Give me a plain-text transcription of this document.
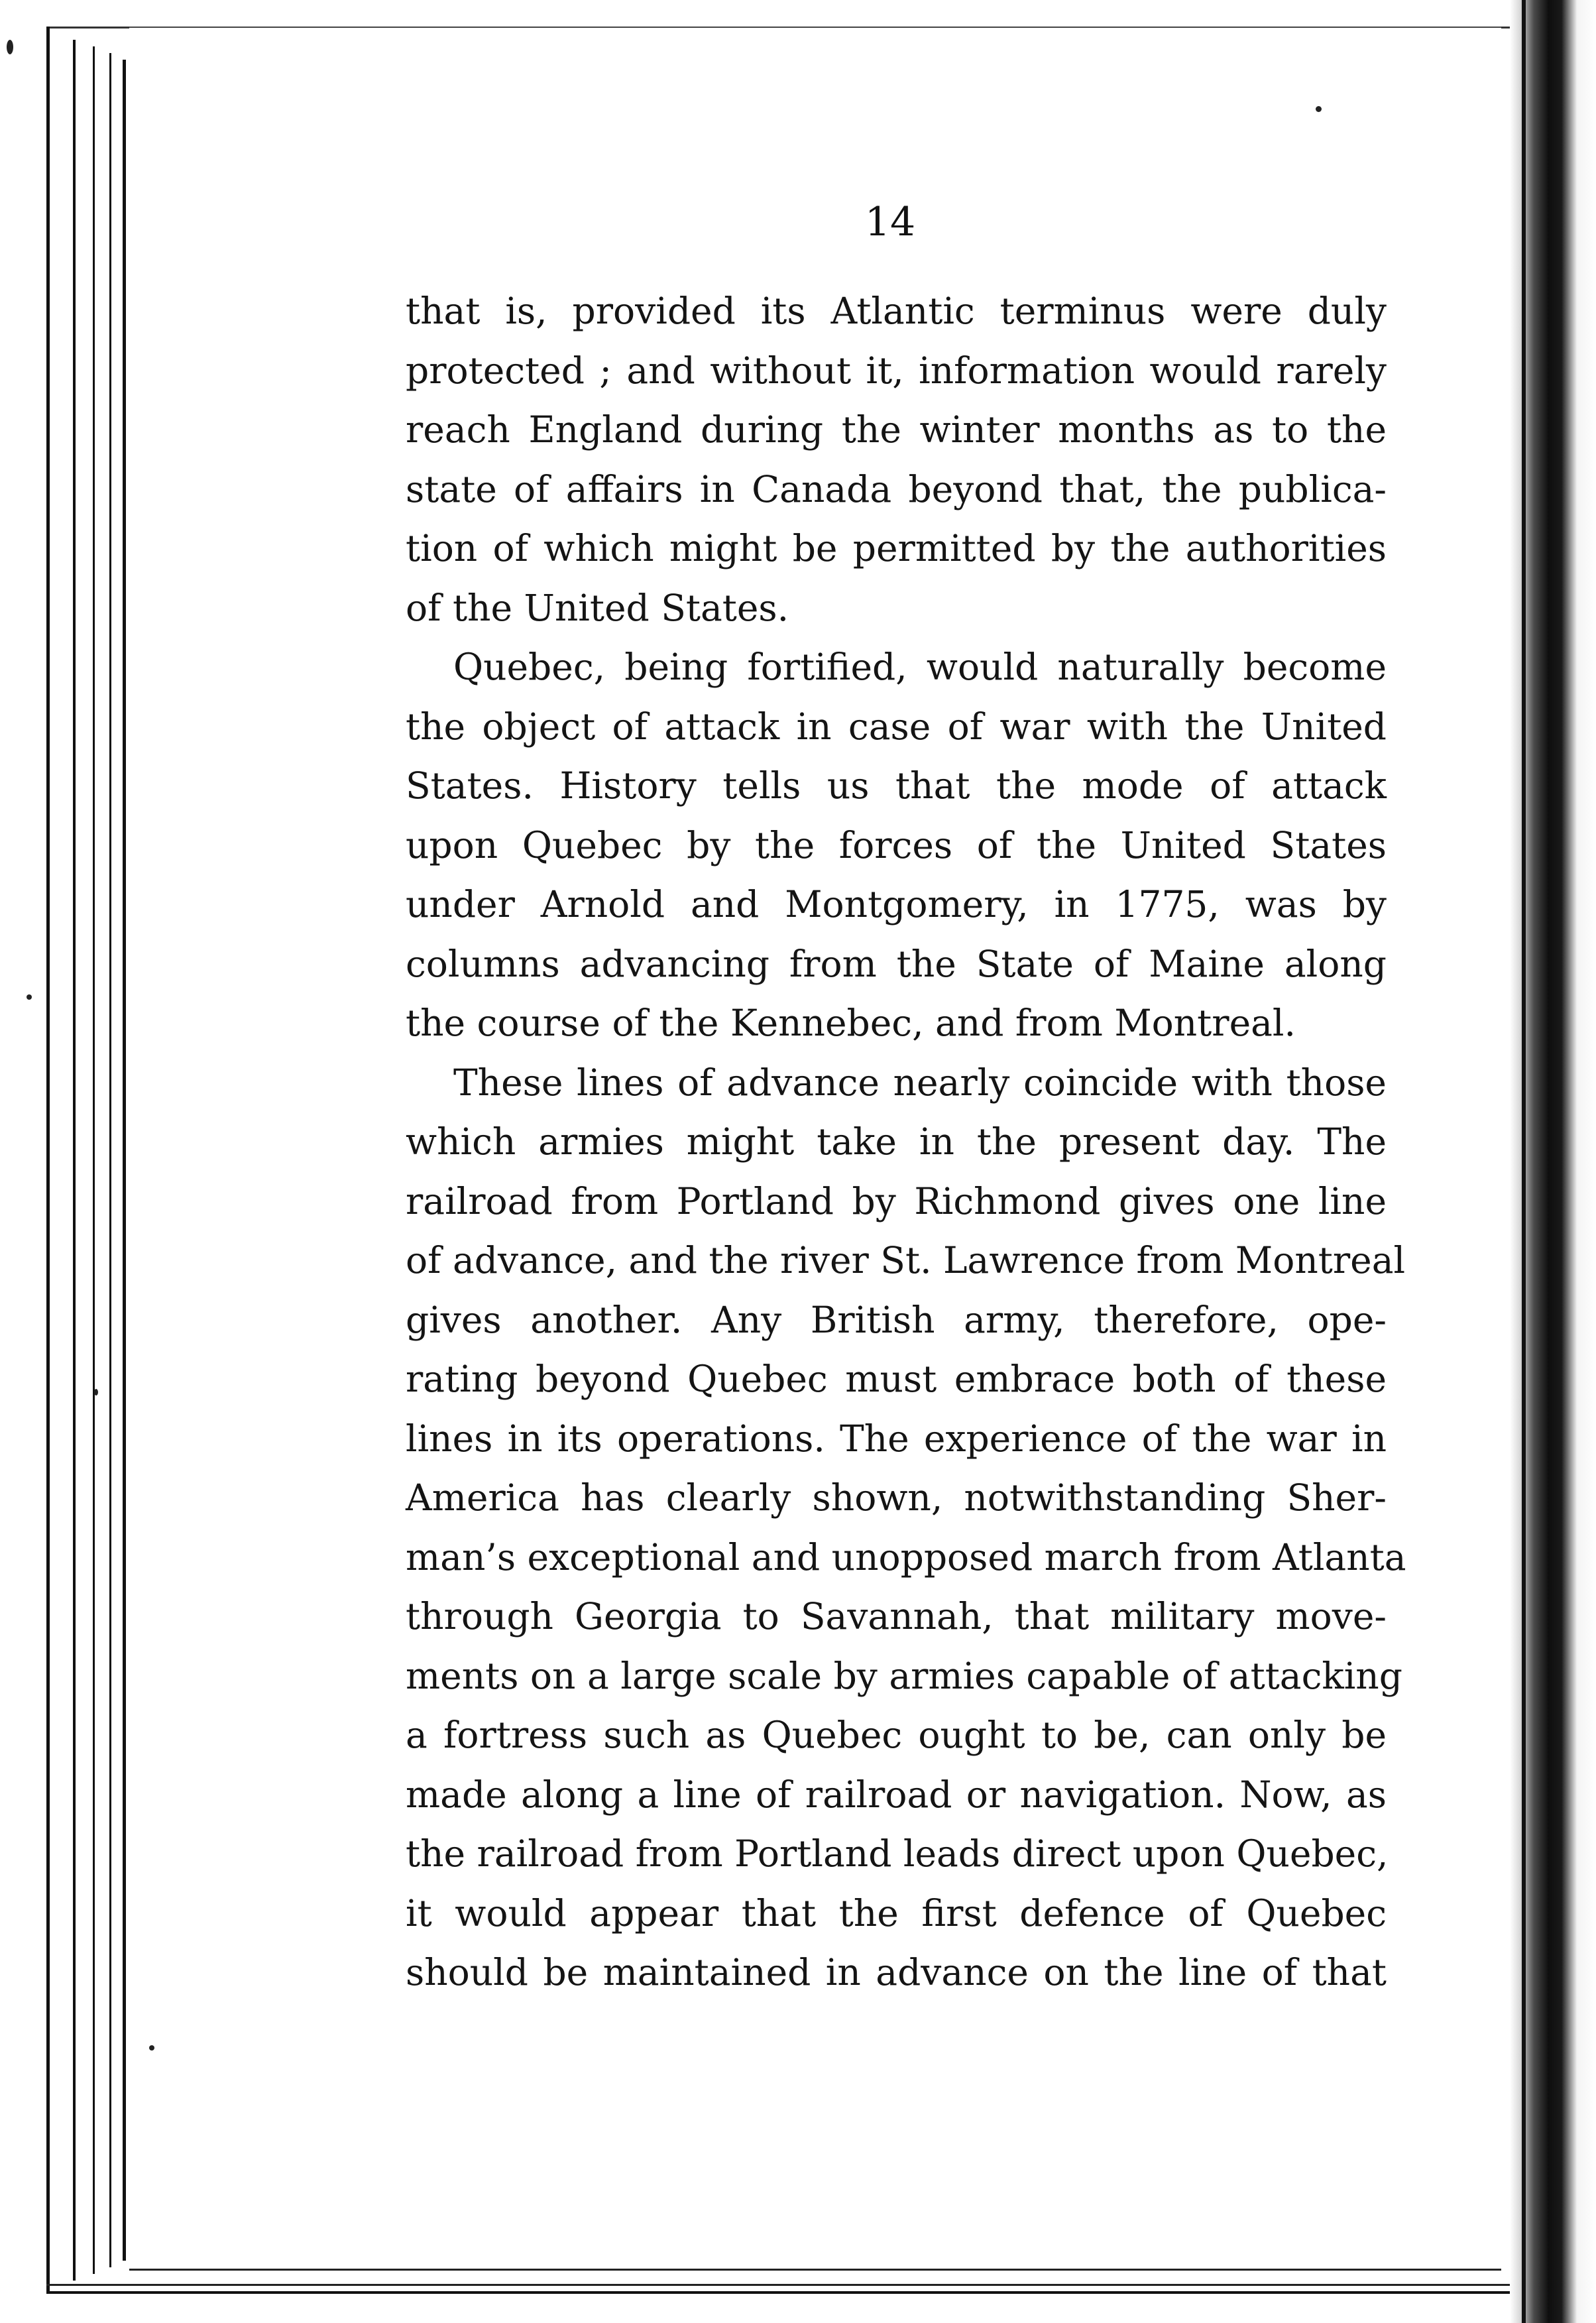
14

that is, provided its Atlantic terminus were duly
protected ; and without it, information would rarely
reach England during the winter months as to the
state of affairs in Canada beyond that, the publica-
tion of which might be permitted by the authorities
of the United States.

Quebec, being fortified, would naturally become
the object of attack in case of war with the United
States. History tells us that the mode of attack
upon Quebec by the forces of the United States
under Arnold and Montgomery, in 1775, was by
columns advancing from the State of Maine along
the course of the Kennebec, and from Montreal.

These lines of advance nearly coincide with those
which armies might take in the present day. The
railroad from Portland by Richmond gives one line
of advance, and the river St. Lawrence from Montreal
gives another. Any British army, therefore, ope-
rating beyond Quebec must embrace both of these
lines in its operations. The experience of the war in
America has clearly shown, notwithstanding Sher-
man’s exceptional and unopposed march from Atlanta
through Georgia to Savannah, that military move-
ments on a large scale by armies capable of attacking
a fortress such as Quebec ought to be, can only be
made along a line of railroad or navigation. Now, as
the railroad from Portland leads direct upon Quebec,
it would appear that the first defence of Quebec
should be maintained in advance on the line of that
